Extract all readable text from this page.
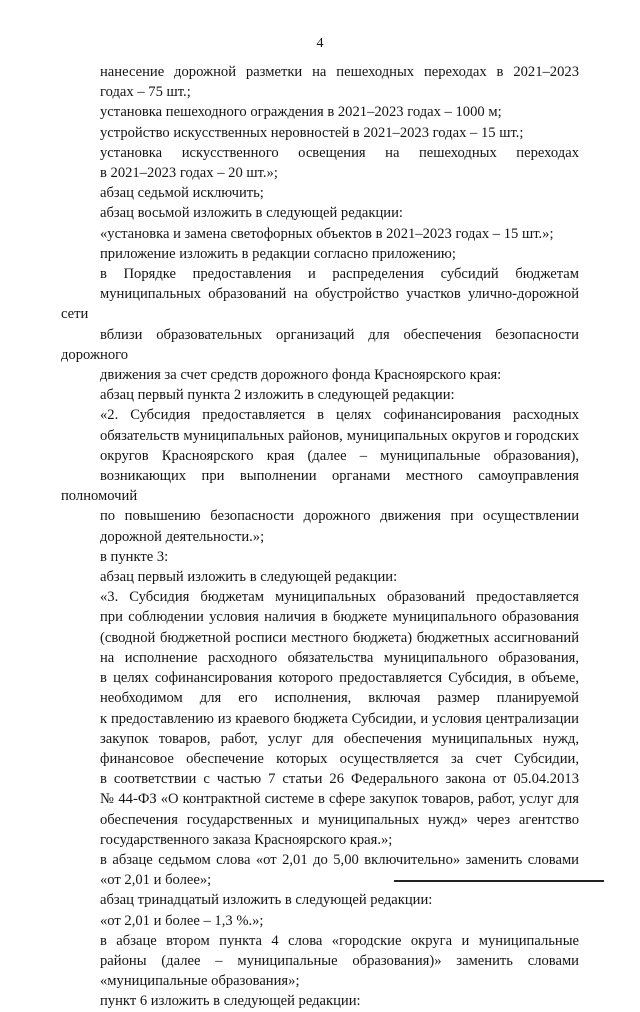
4
нанесение дорожной разметки на пешеходных переходах в 2021–2023
годах – 75 шт.;
установка пешеходного ограждения в 2021–2023 годах – 1000 м;
устройство искусственных неровностей в 2021–2023 годах – 15 шт.;
установка искусственного освещения на пешеходных переходах
в 2021–2023 годах – 20 шт.»;
абзац седьмой исключить;
абзац восьмой изложить в следующей редакции:
«установка и замена светофорных объектов в 2021–2023 годах – 15 шт.»;
приложение изложить в редакции согласно приложению;
в Порядке предоставления и распределения субсидий бюджетам
муниципальных образований на обустройство участков улично-дорожной сети
вблизи образовательных организаций для обеспечения безопасности дорожного
движения за счет средств дорожного фонда Красноярского края:
абзац первый пункта 2 изложить в следующей редакции:
«2. Субсидия предоставляется в целях софинансирования расходных
обязательств муниципальных районов, муниципальных округов и городских
округов Красноярского края (далее – муниципальные образования),
возникающих при выполнении органами местного самоуправления полномочий
по повышению безопасности дорожного движения при осуществлении
дорожной деятельности.»;
в пункте 3:
абзац первый изложить в следующей редакции:
«3. Субсидия бюджетам муниципальных образований предоставляется
при соблюдении условия наличия в бюджете муниципального образования
(сводной бюджетной росписи местного бюджета) бюджетных ассигнований
на исполнение расходного обязательства муниципального образования,
в целях софинансирования которого предоставляется Субсидия, в объеме,
необходимом для его исполнения, включая размер планируемой
к предоставлению из краевого бюджета Субсидии, и условия централизации
закупок товаров, работ, услуг для обеспечения муниципальных нужд,
финансовое обеспечение которых осуществляется за счет Субсидии,
в соответствии с частью 7 статьи 26 Федерального закона от 05.04.2013
№ 44-ФЗ «О контрактной системе в сфере закупок товаров, работ, услуг для
обеспечения государственных и муниципальных нужд» через агентство
государственного заказа Красноярского края.»;
в абзаце седьмом слова «от 2,01 до 5,00 включительно» заменить словами
«от 2,01 и более»;
абзац тринадцатый изложить в следующей редакции:
«от 2,01 и более – 1,3 %.»;
в абзаце втором пункта 4 слова «городские округа и муниципальные
районы (далее – муниципальные образования)» заменить словами
«муниципальные образования»;
пункт 6 изложить в следующей редакции:
